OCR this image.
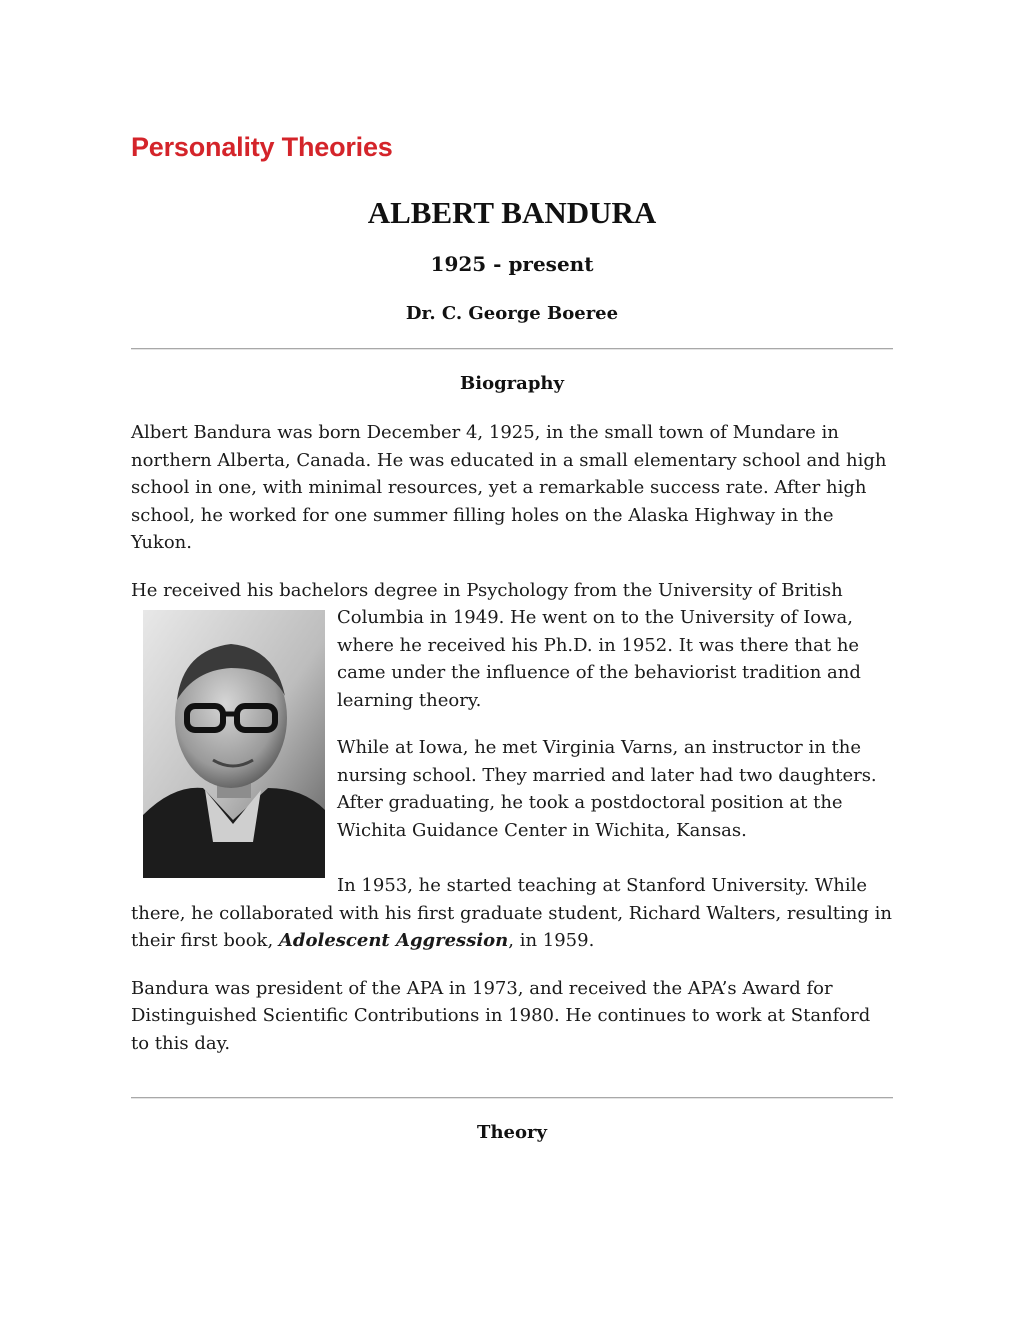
Personality Theories
ALBERT BANDURA
1925 - present
Dr. C. George Boeree
Biography

Albert Bandura was born December 4, 1925, in the small town of Mundare in northern Alberta, Canada. He was educated in a small elementary school and high school in one, with minimal resources, yet a remarkable success rate. After high school, he worked for one summer filling holes on the Alaska Highway in the Yukon.

He received his bachelors degree in Psychology from the University of British
Columbia in 1949. He went on to the University of Iowa, where he received his Ph.D. in 1952. It was there that he came under the influence of the behaviorist tradition and learning theory.

While at Iowa, he met Virginia Varns, an instructor in the nursing school. They married and later had two daughters. After graduating, he took a postdoctoral position at the Wichita Guidance Center in Wichita, Kansas.

In 1953, he started teaching at Stanford University. While there, he collaborated with his first graduate student, Richard Walters, resulting in their first book, Adolescent Aggression, in 1959.

Bandura was president of the APA in 1973, and received the APA’s Award for Distinguished Scientific Contributions in 1980. He continues to work at Stanford to this day.

Theory
